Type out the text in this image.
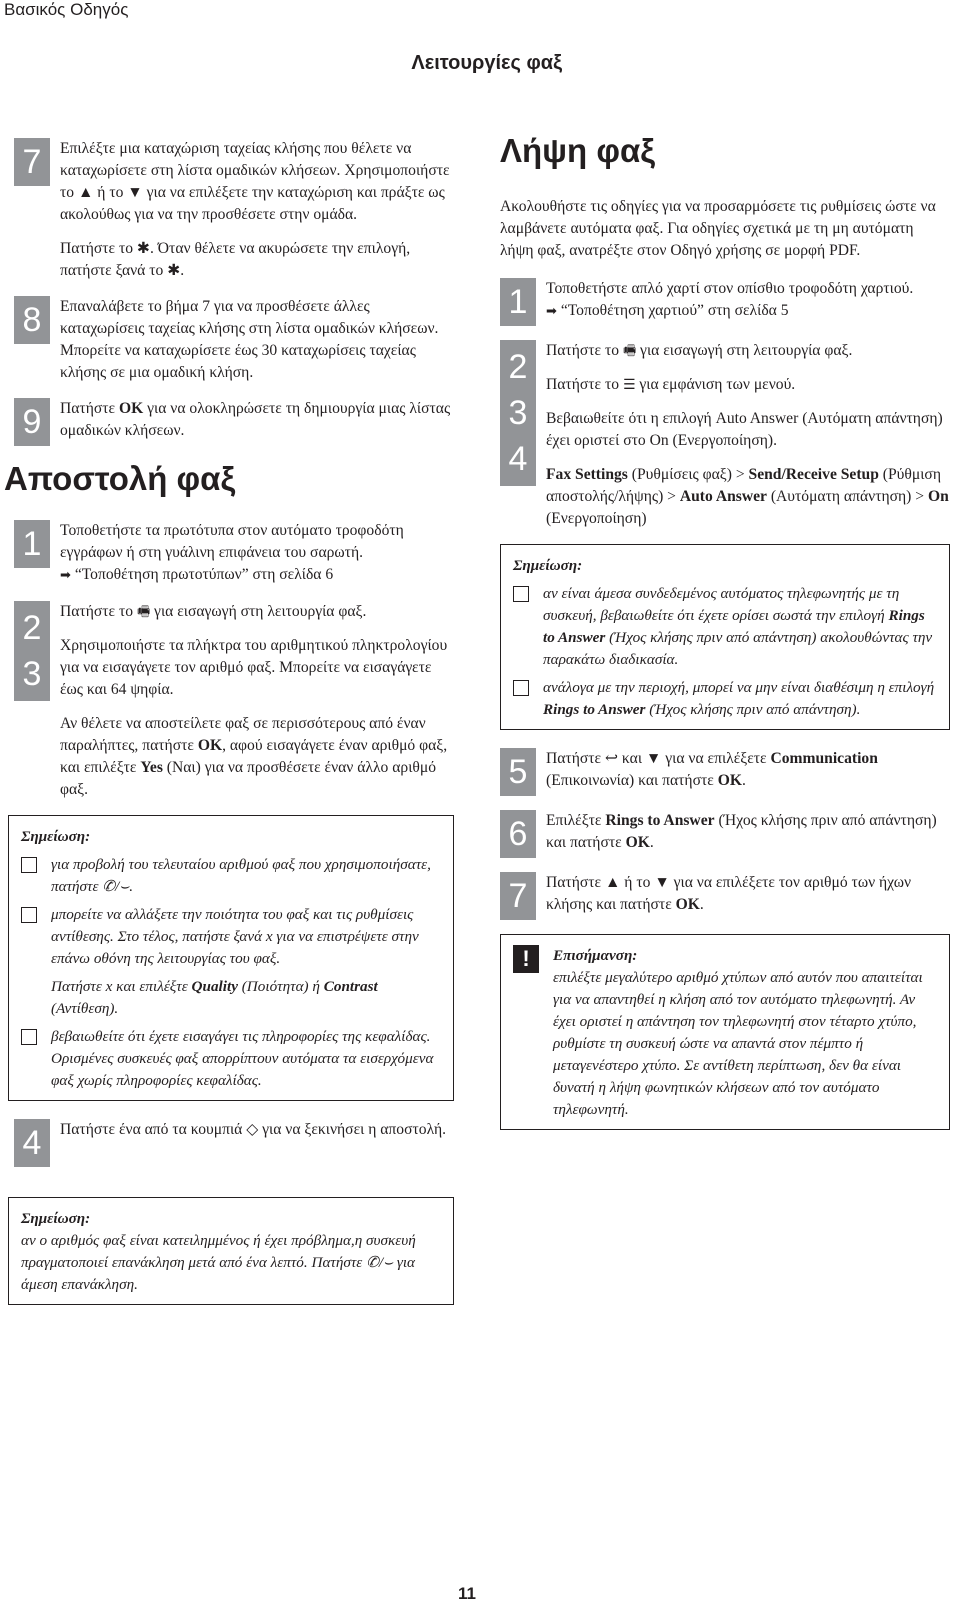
Βασικός Οδηγός
Λειτουργίες φαξ
7	Επιλέξτε μια καταχώριση ταχείας κλήσης που θέλετε να καταχωρίσετε στη λίστα ομαδικών κλήσεων. Χρησιμοποιήστε το ▲ ή το ▼ για να επιλέξετε την καταχώριση και πράξτε ως ακολούθως για να την προσθέσετε στην ομάδα.

Πατήστε το ✱. Όταν θέλετε να ακυρώσετε την επιλογή, πατήστε ξανά το ✱.

8	Επαναλάβετε το βήμα 7 για να προσθέσετε άλλες καταχωρίσεις ταχείας κλήσης στη λίστα ομαδικών κλήσεων. Μπορείτε να καταχωρίσετε έως 30 καταχωρίσεις ταχείας κλήσης σε μια ομαδική κλήση.

9	Πατήστε OK για να ολοκληρώσετε τη δημιουργία μιας λίστας ομαδικών κλήσεων.

Αποστολή φαξ
1	Τοποθετήστε τα πρωτότυπα στον αυτόματο τροφοδότη εγγράφων ή στη γυάλινη επιφάνεια του σαρωτή.
➡ “Τοποθέτηση πρωτοτύπων” στη σελίδα 6

2
3

Πατήστε το 🖷 για εισαγωγή στη λειτουργία φαξ.

Χρησιμοποιήστε τα πλήκτρα του αριθμητικού πληκτρολογίου για να εισαγάγετε τον αριθμό φαξ. Μπορείτε να εισαγάγετε έως και 64 ψηφία.

Αν θέλετε να αποστείλετε φαξ σε περισσότερους από έναν παραλήπτες, πατήστε OK, αφού εισαγάγετε έναν αριθμό φαξ, και επιλέξτε Yes (Ναι) για να προσθέσετε έναν άλλο αριθμό φαξ.

Σημείωση:
για προβολή του τελευταίου αριθμού φαξ που χρησιμοποιήσατε, πατήστε ✆/⌣.
μπορείτε να αλλάξετε την ποιότητα του φαξ και τις ρυθμίσεις αντίθεσης. Στο τέλος, πατήστε ξανά x για να επιστρέψετε στην επάνω οθόνη της λειτουργίας του φαξ.
Πατήστε x και επιλέξτε Quality (Ποιότητα) ή Contrast (Αντίθεση).
βεβαιωθείτε ότι έχετε εισαγάγει τις πληροφορίες της κεφαλίδας. Ορισμένες συσκευές φαξ απορρίπτουν αυτόματα τα εισερχόμενα φαξ χωρίς πληροφορίες κεφαλίδας.
4	Πατήστε ένα από τα κουμπιά ◇ για να ξεκινήσει η αποστολή.

Σημείωση:
αν ο αριθμός φαξ είναι κατειλημμένος ή έχει πρόβλημα,η συσκευή πραγματοποιεί επανάκληση μετά από ένα λεπτό. Πατήστε ✆/⌣ για άμεση επανάκληση.
Λήψη φαξ
Ακολουθήστε τις οδηγίες για να προσαρμόσετε τις ρυθμίσεις ώστε να λαμβάνετε αυτόματα φαξ. Για οδηγίες σχετικά με τη μη αυτόματη λήψη φαξ, ανατρέξτε στον Οδηγό χρήσης σε μορφή PDF.
1	Τοποθετήστε απλό χαρτί στον οπίσθιο τροφοδότη χαρτιού.
➡ “Τοποθέτηση χαρτιού” στη σελίδα 5

2
3
4

Πατήστε το 🖷 για εισαγωγή στη λειτουργία φαξ.

Πατήστε το ☰ για εμφάνιση των μενού.

Βεβαιωθείτε ότι η επιλογή Auto Answer (Αυτόματη απάντηση) έχει οριστεί στο On (Ενεργοποίηση).

Fax Settings (Ρυθμίσεις φαξ) > Send/Receive Setup (Ρύθμιση αποστολής/λήψης) > Auto Answer (Αυτόματη απάντηση) > On (Ενεργοποίηση)

Σημείωση:
αν είναι άμεσα συνδεδεμένος αυτόματος τηλεφωνητής με τη συσκευή, βεβαιωθείτε ότι έχετε ορίσει σωστά την επιλογή Rings to Answer (Ήχος κλήσης πριν από απάντηση) ακολουθώντας την παρακάτω διαδικασία.
ανάλογα με την περιοχή, μπορεί να μην είναι διαθέσιμη η επιλογή Rings to Answer (Ήχος κλήσης πριν από απάντηση).
5	Πατήστε ↩ και ▼ για να επιλέξετε Communication (Επικοινωνία) και πατήστε OK.

6	Επιλέξτε Rings to Answer (Ήχος κλήσης πριν από απάντηση) και πατήστε OK.

7	Πατήστε ▲ ή το ▼ για να επιλέξετε τον αριθμό των ήχων κλήσης και πατήστε OK.

!	Επισήμανση:
επιλέξτε μεγαλύτερο αριθμό χτύπων από αυτόν που απαιτείται για να απαντηθεί η κλήση από τον αυτόματο τηλεφωνητή. Αν έχει οριστεί η απάντηση τον τηλεφωνητή στον τέταρτο χτύπο, ρυθμίστε τη συσκευή ώστε να απαντά στον πέμπτο ή μεταγενέστερο χτύπο. Σε αντίθετη περίπτωση, δεν θα είναι δυνατή η λήψη φωνητικών κλήσεων από τον αυτόματο τηλεφωνητή.
11
